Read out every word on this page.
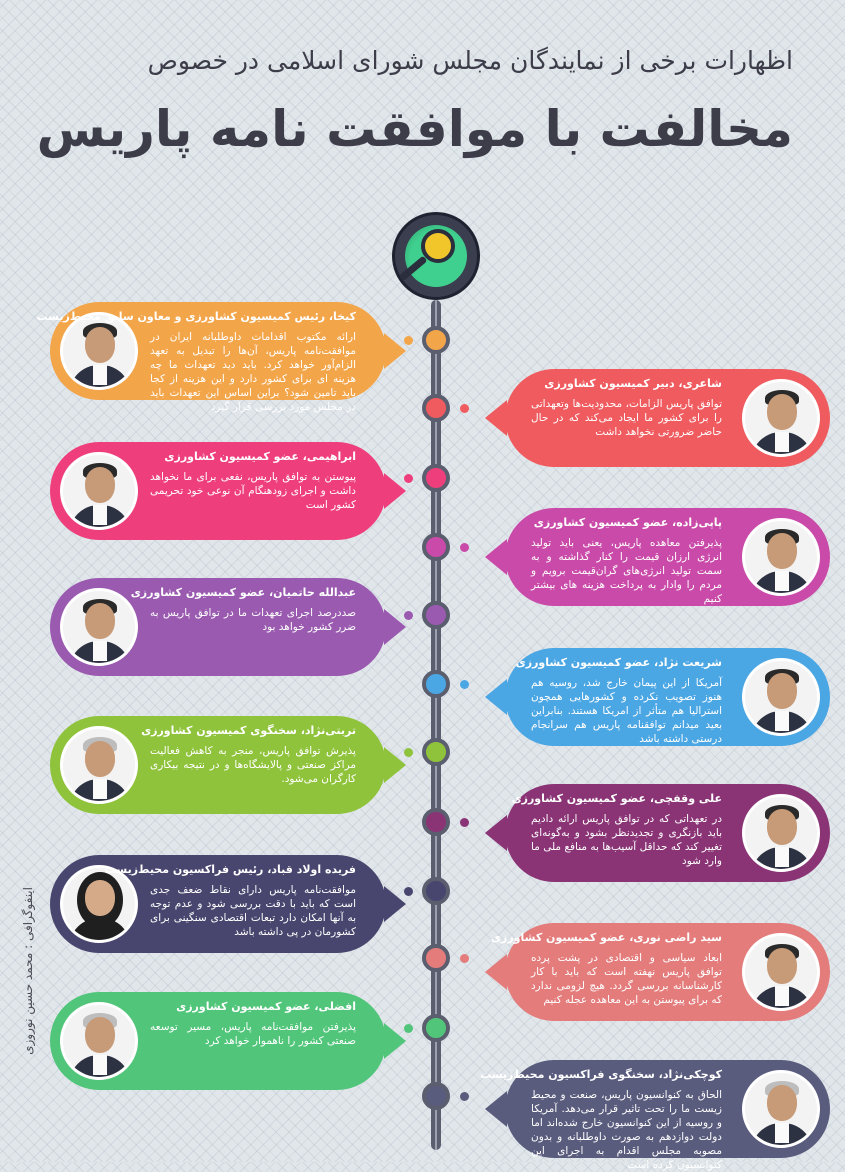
اظهارات برخی از نمایندگان مجلس شورای اسلامی در خصوص
مخالفت با موافقت نامه پاریس
اینفوگرافی : محمد حسین نوروزی
کیخا، رئیس کمیسیون کشاورزی و معاون سابق محیط‌زیست
ارائه مکتوب اقدامات داوطلبانه ایران در موافقت‌نامه پاریس، آن‌ها را تبدیل به تعهد الزام‌آور خواهد کرد. باید دید تعهدات ما چه هزینه ای برای کشور دارد و این هزینه از کجا باید تامین شود؟ براین اساس این تعهدات باید در مجلس مورد بررسی قرار گیرد
شاعری، دبیر کمیسیون کشاورزی
توافق پاریس الزامات، محدودیت‌ها وتعهداتی را برای کشور ما ایجاد می‌کند که در حال حاضر ضرورتی نخواهد داشت
ابراهیمی، عضو کمیسیون کشاورزی
پیوستن به توافق پاریس، نفعی برای ما نخواهد داشت و اجرای زودهنگام آن نوعی خود تحریمی کشور است
پاپی‌زاده، عضو کمیسیون کشاورزی
پذیرفتن معاهده پاریس، یعنی باید تولید انرژی ارزان قیمت را کنار گذاشته و به سمت تولید انرژی‌های گران‌قیمت برویم و مردم را وادار به پرداخت هزینه های بیشتر کنیم
عبدالله حاتمیان، عضو کمیسیون کشاورزی
صددرصد اجرای تعهدات ما در توافق پاریس به ضرر کشور خواهد بود
شریعت نژاد، عضو کمیسیون کشاورزی
آمریکا از این پیمان خارج شد، روسیه هم هنوز تصویب نکرده و کشورهایی همچون استرالیا هم متأثر از امریکا هستند. بنابراین بعید میدانم توافقنامه پاریس هم سرانجام درستی داشته باشد
تربتی‌نژاد، سخنگوی کمیسیون کشاورزی
پذیرش توافق پاریس، منجر به کاهش فعالیت مراکز صنعتی و پالایشگاه‌ها و در نتیجه بیکاری کارگران می‌شود.
علی وقفچی، عضو کمیسیون کشاورزی
در تعهداتی که در توافق پاریس ارائه دادیم باید بازنگری و تجدیدنظر بشود و به‌گونه‌ای تغییر کند که حداقل آسیب‌ها به منافع ملی ما وارد شود
فریده اولاد قباد، رئیس فراکسیون محیط‌زیست
موافقت‌نامه پاریس دارای نقاط ضعف جدی است که باید با دقت بررسی شود و عدم توجه به آنها امکان دارد تبعات اقتصادی سنگینی برای کشورمان در پی داشته باشد	سید راضی نوری، عضو کمیسیون کشاورزی
ابعاد سیاسی و اقتصادی در پشت پرده توافق پاریس نهفته است که باید با کار کارشناسانه بررسی گردد. هیچ لزومی ندارد که برای پیوستن به این معاهده عجله کنیم
افضلی، عضو کمیسیون کشاورزی
پذیرفتن موافقت‌نامه پاریس، مسیر توسعه صنعتی کشور را ناهموار خواهد کرد
کوچکی‌نژاد، سخنگوی فراکسیون محیط‌زیست
الحاق به کنوانسیون پاریس، صنعت و محیط زیست ما را تحت تاثیر قرار می‌دهد. آمریکا و روسیه از این کنوانسیون خارج شده‌اند اما دولت دوازدهم به صورت داوطلبانه و بدون مصوبه مجلس اقدام به اجرای این کنوانسیون کرده است
